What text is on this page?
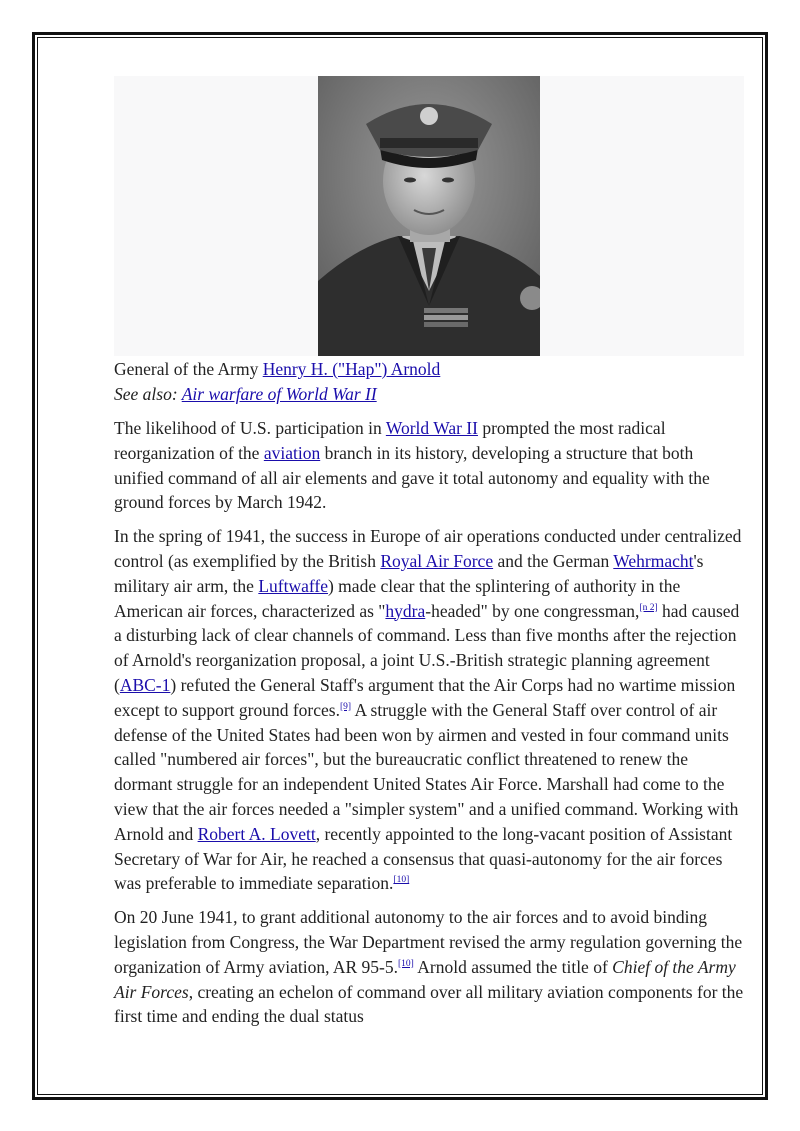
General of the Army Henry H. ("Hap") Arnold
See also: Air warfare of World War II

The likelihood of U.S. participation in World War II prompted the most radical reorganization of the aviation branch in its history, developing a structure that both unified command of all air elements and gave it total autonomy and equality with the ground forces by March 1942.

In the spring of 1941, the success in Europe of air operations conducted under centralized control (as exemplified by the British Royal Air Force and the German Wehrmacht's military air arm, the Luftwaffe) made clear that the splintering of authority in the American air forces, characterized as "hydra-headed" by one congressman,[n 2] had caused a disturbing lack of clear channels of command. Less than five months after the rejection of Arnold's reorganization proposal, a joint U.S.-British strategic planning agreement (ABC-1) refuted the General Staff's argument that the Air Corps had no wartime mission except to support ground forces.[9] A struggle with the General Staff over control of air defense of the United States had been won by airmen and vested in four command units called "numbered air forces", but the bureaucratic conflict threatened to renew the dormant struggle for an independent United States Air Force. Marshall had come to the view that the air forces needed a "simpler system" and a unified command. Working with Arnold and Robert A. Lovett, recently appointed to the long-vacant position of Assistant Secretary of War for Air, he reached a consensus that quasi-autonomy for the air forces was preferable to immediate separation.[10]

On 20 June 1941, to grant additional autonomy to the air forces and to avoid binding legislation from Congress, the War Department revised the army regulation governing the organization of Army aviation, AR 95-5.[10] Arnold assumed the title of Chief of the Army Air Forces, creating an echelon of command over all military aviation components for the first time and ending the dual status
